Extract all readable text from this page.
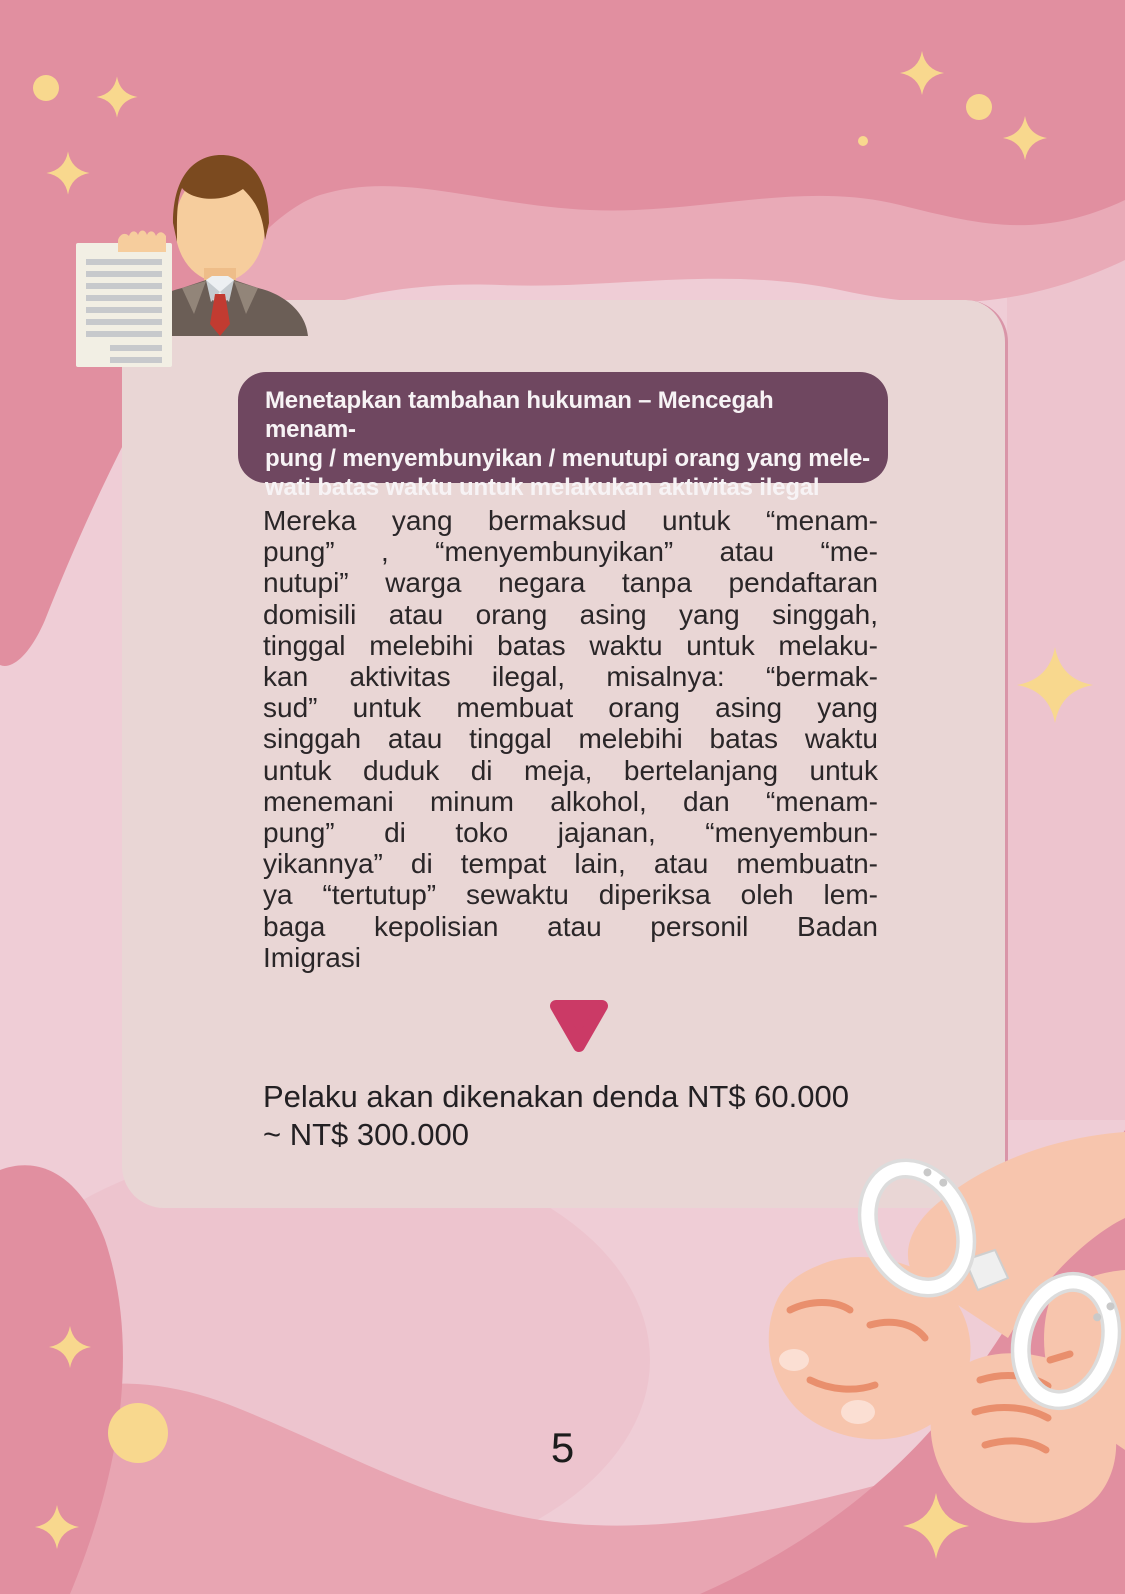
Menetapkan tambahan hukuman – Mencegah menam-
pung / menyembunyikan / menutupi orang yang mele-
wati batas waktu untuk melakukan aktivitas ilegal
Mereka yang bermaksud untuk “menam-
pung” , “menyembunyikan” atau “me-
nutupi” warga negara tanpa pendaftaran
domisili atau orang asing yang singgah,
tinggal melebihi batas waktu untuk melaku-
kan aktivitas ilegal, misalnya: “bermak-
sud” untuk membuat orang asing yang
singgah atau tinggal melebihi batas waktu
untuk duduk di meja, bertelanjang untuk
menemani minum alkohol, dan “menam-
pung” di toko jajanan, “menyembun-
yikannya” di tempat lain, atau membuatn-
ya “tertutup” sewaktu diperiksa oleh lem-
baga kepolisian atau personil Badan
Imigrasi
Pelaku akan dikenakan denda NT$ 60.000
~ NT$ 300.000
5
